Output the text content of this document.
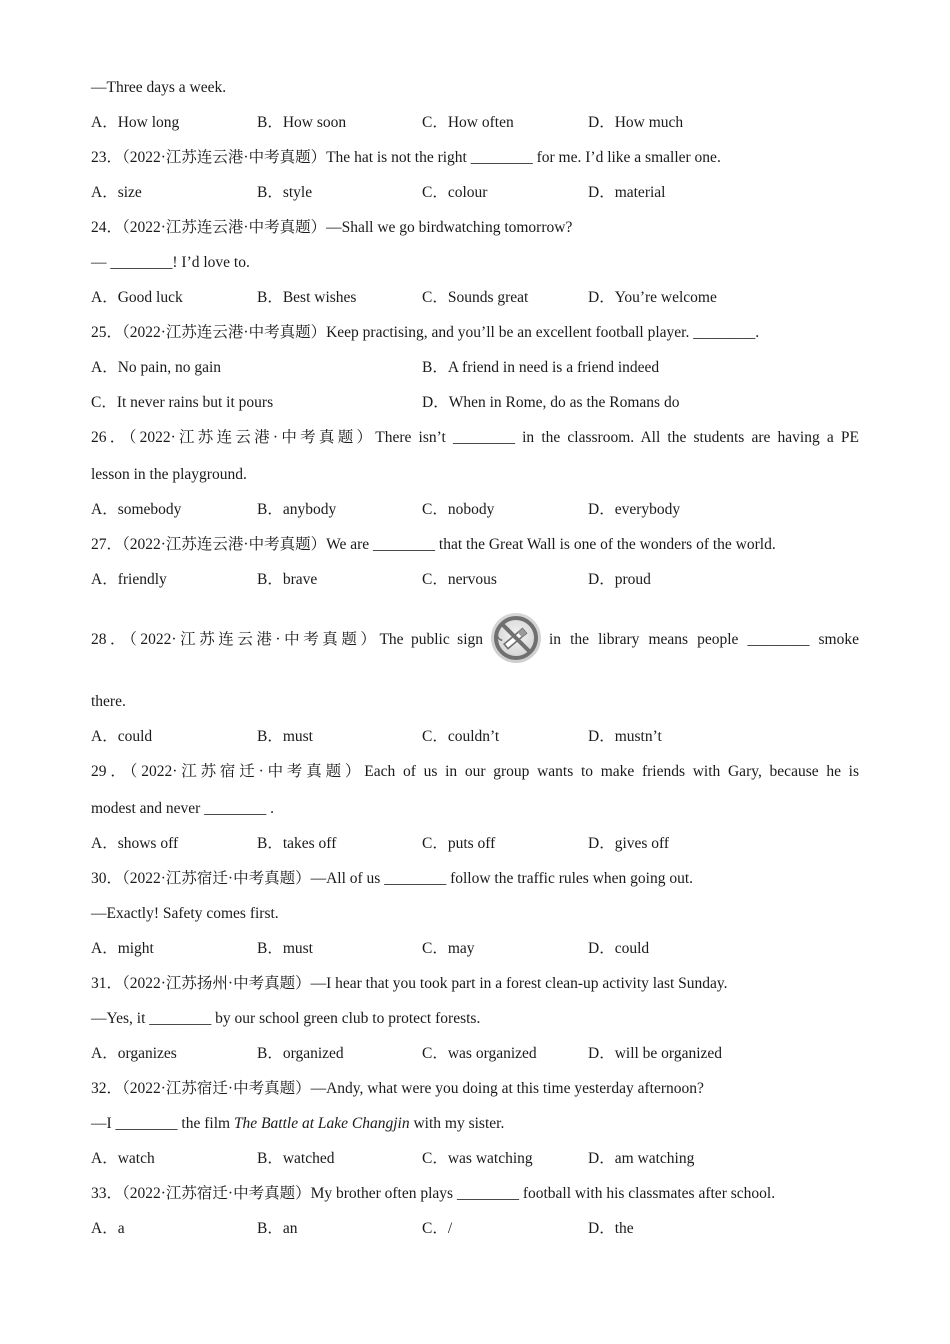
—Three days a week.
A．How long	B．How soon	C．How often	D．How much
23．（2022·江苏连云港·中考真题）The hat is not the right ________ for me. I’d like a smaller one.
A．size	B．style	C．colour	D．material
24．（2022·江苏连云港·中考真题）—Shall we go birdwatching tomorrow?
— ________! I’d love to.
A．Good luck	B．Best wishes	C．Sounds great	D．You’re welcome
25．（2022·江苏连云港·中考真题）Keep practising, and you’ll be an excellent football player. ________.
A．No pain, no gain	B．A friend in need is a friend indeed
C．It never rains but it pours	D．When in Rome, do as the Romans do
26．（2022·江苏连云港·中考真题）There isn’t ________ in the classroom. All the students are having a PE
lesson in the playground.
A．somebody	B．anybody	C．nobody	D．everybody
27．（2022·江苏连云港·中考真题）We are ________ that the Great Wall is one of the wonders of the world.
A．friendly	B．brave	C．nervous	D．proud
28．（2022·江苏连云港·中考真题）The public sign	in the library means people ________ smoke
there.
A．could	B．must	C．couldn’t	D．mustn’t
29．（2022·江苏宿迁·中考真题）Each of us in our group wants to make friends with Gary, because he is
modest and never ________ .
A．shows off	B．takes off	C．puts off	D．gives off
30．（2022·江苏宿迁·中考真题）—All of us ________ follow the traffic rules when going out.
—Exactly! Safety comes first.
A．might	B．must	C．may	D．could
31．（2022·江苏扬州·中考真题）—I hear that you took part in a forest clean-up activity last Sunday.
—Yes, it ________ by our school green club to protect forests.
A．organizes	B．organized	C．was organized	D．will be organized
32．（2022·江苏宿迁·中考真题）—Andy, what were you doing at this time yesterday afternoon?
—I ________ the film The Battle at Lake Changjin with my sister.
A．watch	B．watched	C．was watching	D．am watching
33．（2022·江苏宿迁·中考真题）My brother often plays ________ football with his classmates after school.
A．a	B．an	C．/	D．the
